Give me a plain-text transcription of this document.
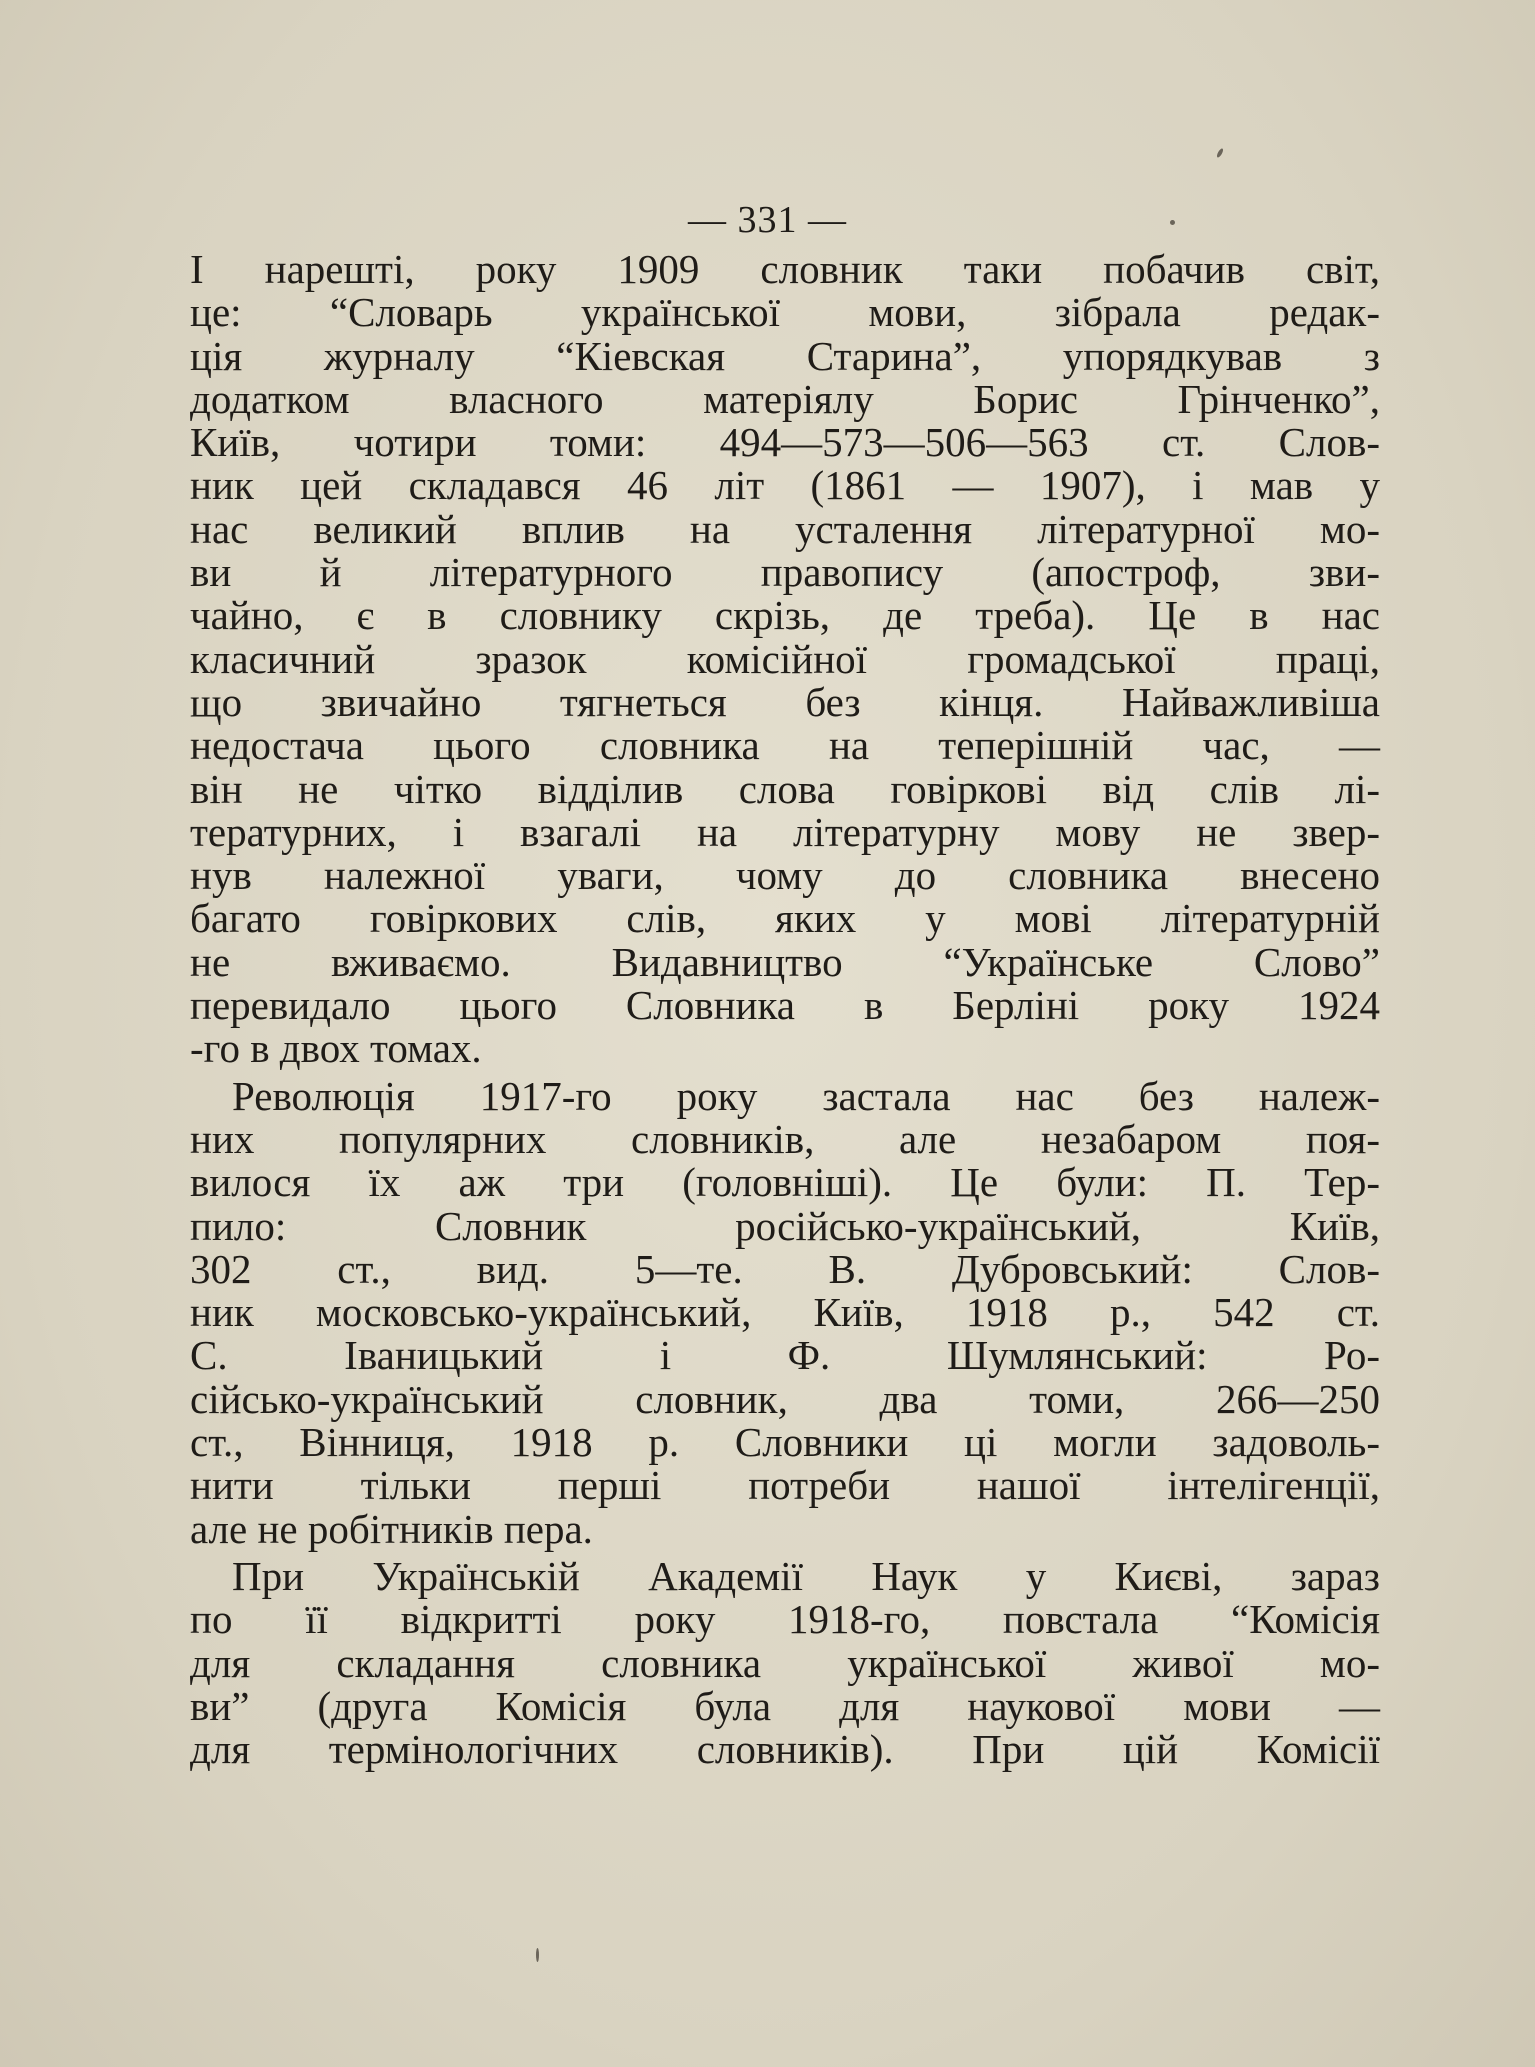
— 331 —
І нарешті, року 1909 словник таки побачив світ,
це: “Словарь української мови, зібрала редак-
ція журналу “Кіевская Старина”, упорядкував з
додатком власного матеріялу Борис Грінченко”,
Київ, чотири томи: 494—573—506—563 ст. Слов-
ник цей складався 46 літ (1861 — 1907), і мав у
нас великий вплив на усталення літературної мо-
ви й літературного правопису (апостроф, зви-
чайно, є в словнику скрізь, де треба). Це в нас
класичний зразок комісійної громадської праці,
що звичайно тягнеться без кінця. Найважливіша
недостача цього словника на теперішній час, —
він не чітко відділив слова говіркові від слів лі-
тературних, і взагалі на літературну мову не звер-
нув належної уваги, чому до словника внесено
багато говіркових слів, яких у мові літературній
не вживаємо. Видавництво “Українське Слово”
перевидало цього Словника в Берліні року 1924
-го в двох томах.
Революція 1917-го року застала нас без належ-
них популярних словників, але незабаром поя-
вилося їх аж три (головніші). Це були: П. Тер-
пило: Словник російсько-український, Київ,
302 ст., вид. 5—те. В. Дубровський: Слов-
ник московсько-український, Київ, 1918 р., 542 ст.
С. Іваницький і Ф. Шумлянський: Ро-
сійсько-український словник, два томи, 266—250
ст., Вінниця, 1918 р. Словники ці могли задоволь-
нити тільки перші потреби нашої інтелігенції,
але не робітників пера.
При Українській Академії Наук у Києві, зараз
по її відкритті року 1918-го, повстала “Комісія
для складання словника української живої мо-
ви” (друга Комісія була для наукової мови —
для термінологічних словників). При цій Комісії
